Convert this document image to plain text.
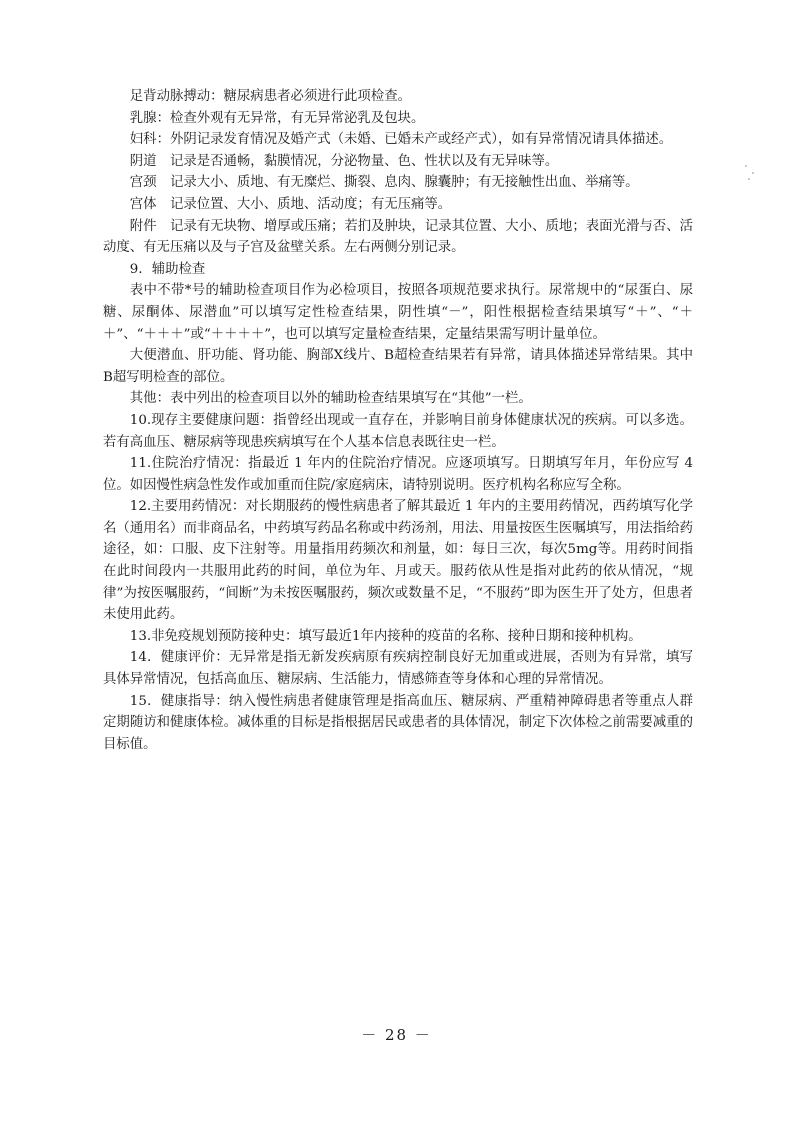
足背动脉搏动：糖尿病患者必须进行此项检查。

乳腺：检查外观有无异常，有无异常泌乳及包块。

妇科：外阴记录发育情况及婚产式（未婚、已婚未产或经产式），如有异常情况请具体描述。

阴道　记录是否通畅，黏膜情况，分泌物量、色、性状以及有无异味等。

宫颈　记录大小、质地、有无糜烂、撕裂、息肉、腺囊肿；有无接触性出血、举痛等。

宫体　记录位置、大小、质地、活动度；有无压痛等。

附件　记录有无块物、增厚或压痛；若扪及肿块，记录其位置、大小、质地；表面光滑与否、活动度、有无压痛以及与子宫及盆壁关系。左右两侧分别记录。

9．辅助检查

表中不带*号的辅助检查项目作为必检项目，按照各项规范要求执行。尿常规中的“尿蛋白、尿糖、尿酮体、尿潜血”可以填写定性检查结果，阴性填“－”，阳性根据检查结果填写“＋”、“＋＋”、“＋＋＋”或“＋＋＋＋”，也可以填写定量检查结果，定量结果需写明计量单位。

大便潜血、肝功能、肾功能、胸部X线片、B超检查结果若有异常，请具体描述异常结果。其中B超写明检查的部位。

其他：表中列出的检查项目以外的辅助检查结果填写在“其他”一栏。

10.现存主要健康问题：指曾经出现或一直存在，并影响目前身体健康状况的疾病。可以多选。若有高血压、糖尿病等现患疾病填写在个人基本信息表既往史一栏。

11.住院治疗情况：指最近 1 年内的住院治疗情况。应逐项填写。日期填写年月，年份应写 4 位。如因慢性病急性发作或加重而住院/家庭病床，请特别说明。医疗机构名称应写全称。

12.主要用药情况：对长期服药的慢性病患者了解其最近 1 年内的主要用药情况，西药填写化学名（通用名）而非商品名，中药填写药品名称或中药汤剂，用法、用量按医生医嘱填写，用法指给药途径，如：口服、皮下注射等。用量指用药频次和剂量，如：每日三次，每次5mg等。用药时间指在此时间段内一共服用此药的时间，单位为年、月或天。服药依从性是指对此药的依从情况，“规律”为按医嘱服药，“间断”为未按医嘱服药，频次或数量不足，“不服药”即为医生开了处方，但患者未使用此药。

13.非免疫规划预防接种史：填写最近1年内接种的疫苗的名称、接种日期和接种机构。

14．健康评价：无异常是指无新发疾病原有疾病控制良好无加重或进展，否则为有异常，填写具体异常情况，包括高血压、糖尿病、生活能力，情感筛查等身体和心理的异常情况。

15．健康指导：纳入慢性病患者健康管理是指高血压、糖尿病、严重精神障碍患者等重点人群定期随访和健康体检。减体重的目标是指根据居民或患者的具体情况，制定下次体检之前需要减重的目标值。

－ 28 －
